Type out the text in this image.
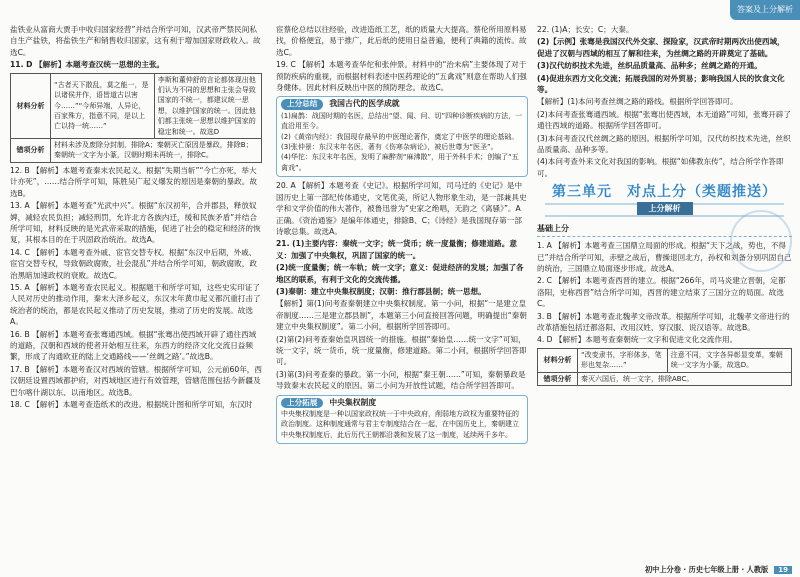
答案及上分解析
盐铁业从富商大贾手中收归国家经营”并结合所学可知，汉武帝严禁民间私自生产盐铁，将盐铁生产和销售收归国家，这有利于增加国家财政收入。故选C。
11. D 【解析】本题考查汉统一思想的主张。
材料分析	“古者天下散乱，莫之能一，是以诸侯并作，语皆道古以害今……”“今师异端，人异论，百家殊方，指意不同，是以上亡以持一统……”	李斯和董仲舒的言论都体现出他们认为不同的思想和主张会导致国家的不统一，都建议统一思想，以维护国家的统一。因此他们都主张统一思想以维护国家的稳定和统一。故选D
错项分析	材料未涉及废除分封制，排除A；秦朝灭亡原因是暴政，排除B；秦朝统一文字为小篆，汉朝时期未再统一，排除C。	
12. B 【解析】本题考查秦末农民起义。根据“失期当斩”“今亡亦死，举大计亦死”，……结合所学可知，陈胜吴广起义爆发的原因是秦朝的暴政。故选B。
13. A 【解析】本题考查“光武中兴”。根据“东汉初年，合并郡县，释放奴婢，减轻农民负担；减轻刑罚，允许北方各族内迁，缓和民族矛盾”并结合所学可知，材料反映的是光武帝采取的措施，促进了社会的稳定和经济的恢复，其根本目的在于巩固政治统治。故选A。
14. C 【解析】本题考查外戚、宦官交替专权。根据“东汉中后期，外戚、宦官交替专权，导致朝政腐败，社会混乱”并结合所学可知，朝政腐败，政治黑暗加速政权的衰败。故选C。
15. A 【解析】本题考查农民起义。根据题干和所学可知，这些史实印证了人民对历史的推动作用，秦末大泽乡起义，东汉末年黄巾起义都沉重打击了统治者的统治，都是农民起义推动了历史发展，推动了历史的发展。故选A。
16. B 【解析】本题考查张骞通西域。根据“张骞出使西域开辟了通往西域的道路，汉朝和西域的使者开始相互往来，东西方的经济文化交流日益频繁，形成了沟通欧亚的陆上交通路线——‘丝绸之路’。”故选B。
17. B 【解析】本题考查汉对西域的管辖。根据所学可知，公元前60年，西汉朝廷设置西域都护府，对西域地区进行有效管理，管辖范围包括今新疆及巴尔喀什湖以东、以南地区。故选B。
18. C 【解析】本题考查造纸术的改进。根据统计图和所学可知，东汉时
宦蔡伦总结以往经验，改进造纸工艺，纸的质量大大提高。蔡伦所用原料易找，价格便宜，易于推广，此后纸的使用日益普遍，便利了典籍的流传。故选C。
19. C 【解析】本题考查华佗和张仲景。材料中的“治未病”主要体现了对于预防疾病的重视，而根据材料表述中医药理论的“五禽戏”则意在帮助人们强身健体。因此材料反映出中医的预防理念。故选C。
上分总结	我国古代的医学成就
(1)扁鹊：战国时期的名医，总结出“望、闻、问、切”四种诊断疾病的方法，一直沿用至今。
(2)《黄帝内经》：我国现存最早的中医理论著作，奠定了中医学的理论基础。
(3)张仲景：东汉末年名医，著有《伤寒杂病论》，被后世尊为“医圣”。
(4)华佗：东汉末年名医，发明了麻醉剂“麻沸散”，用于外科手术；创编了“五禽戏”。
20. A 【解析】本题考查《史记》。根据所学可知，司马迁的《史记》是中国历史上第一部纪传体通史，文笔优美，所记人物形象生动，是一部兼具史学和文学价值的伟大著作，被鲁迅誉为“史家之绝唱，无韵之《离骚》”。A正确。《资治通鉴》是编年体通史，排除B、C；《诗经》是我国现存第一部诗歌总集。故选A。
21. (1)主要内容：秦统一文字；统一货币；统一度量衡；修建道路。意义：加强了中央集权，巩固了国家的统一。
(2)统一度量衡；统一车轨；统一文字；意义：促进经济的发展；加强了各地区的联系，有利于文化的交流传播。
(3)秦朝：建立中央集权制度；汉朝：推行郡县制；统一思想。
【解析】第(1)问考查秦朝建立中央集权制度。第一小问，根据“一是建立皇帝制度……三是建立郡县制”，本题第三小问直接回答问题，明确提出“秦朝建立中央集权制度”。第二小问，根据所学回答即可。
(2)第(2)问考查秦始皇巩固统一的措施。根据“秦始皇……统一文字”可知，统一文字，统一货币，统一度量衡，修建道路。第二小问，根据所学回答即可。
(3)第(3)问考查秦的暴政。第一小问，根据“秦王朝……”可知，秦朝暴政是导致秦末农民起义的原因。第二小问为开放性试题，结合所学回答即可。
上分拓展	中央集权制度
中央集权制度是一种以国家政权统一于中央政府，削弱地方政权为重要特征的政治制度。这种制度通常与君主专制度结合在一起，在中国历史上，秦朝建立中央集权制度后，此后历代王朝都沿袭和发展了这一制度，延续两千多年。
22. (1)A；长安；C；大秦。
(2)【示例】张骞是我国汉代外交家、探险家，汉武帝时期两次出使西域，促进了汉朝与西域的相互了解和往来，为丝绸之路的开辟奠定了基础。
(3)汉代纺织技术先进，丝织品质量高、品种多；丝绸之路的开通。
(4)促进东西方文化交流；拓展我国的对外贸易；影响我国人民的饮食文化等。
【解析】(1)本问考查丝绸之路的路线。根据所学回答即可。
(2)本问考查张骞通西域。根据“张骞出使西域，本无道路”可知，张骞开辟了通往西域的道路。根据所学回答即可。
(3)本问考查汉代丝绸之路的原因。根据所学可知，汉代纺织技术先进，丝织品质量高、品种多等。
(4)本问考查外来文化对我国的影响。根据“如佛教东传”，结合所学作答即可。
第三单元　对点上分（类题推送）
上分解析
基础上分
1. A 【解析】本题考查三国鼎立局面的形成。根据“天下之战，势也，不得已”并结合所学可知，赤壁之战后，曹操退回北方，孙权和刘备分别巩固自己的统治，三国鼎立局面逐步形成。故选A。
2. C 【解析】本题考查西晋的建立。根据“266年，司马炎建立晋朝，定都洛阳，史称西晋”结合所学可知，西晋的建立结束了三国分立的局面。故选C。
3. B 【解析】本题考查北魏孝文帝改革。根据所学可知，北魏孝文帝进行的改革措施包括迁都洛阳、改用汉姓、穿汉服、说汉语等。故选B。
4. D 【解析】本题考查秦朝统一文字和促进文化交流作用。
材料分析	“改变隶书，字形体多，笔形也复杂……”	注意不同，文字各异彰显变革，秦朝统一文字为小篆，故选D。
错项分析	秦灭六国后，统一文字，排除ABC。	
初中上分卷 · 历史七年级上册 · 人教版	19
